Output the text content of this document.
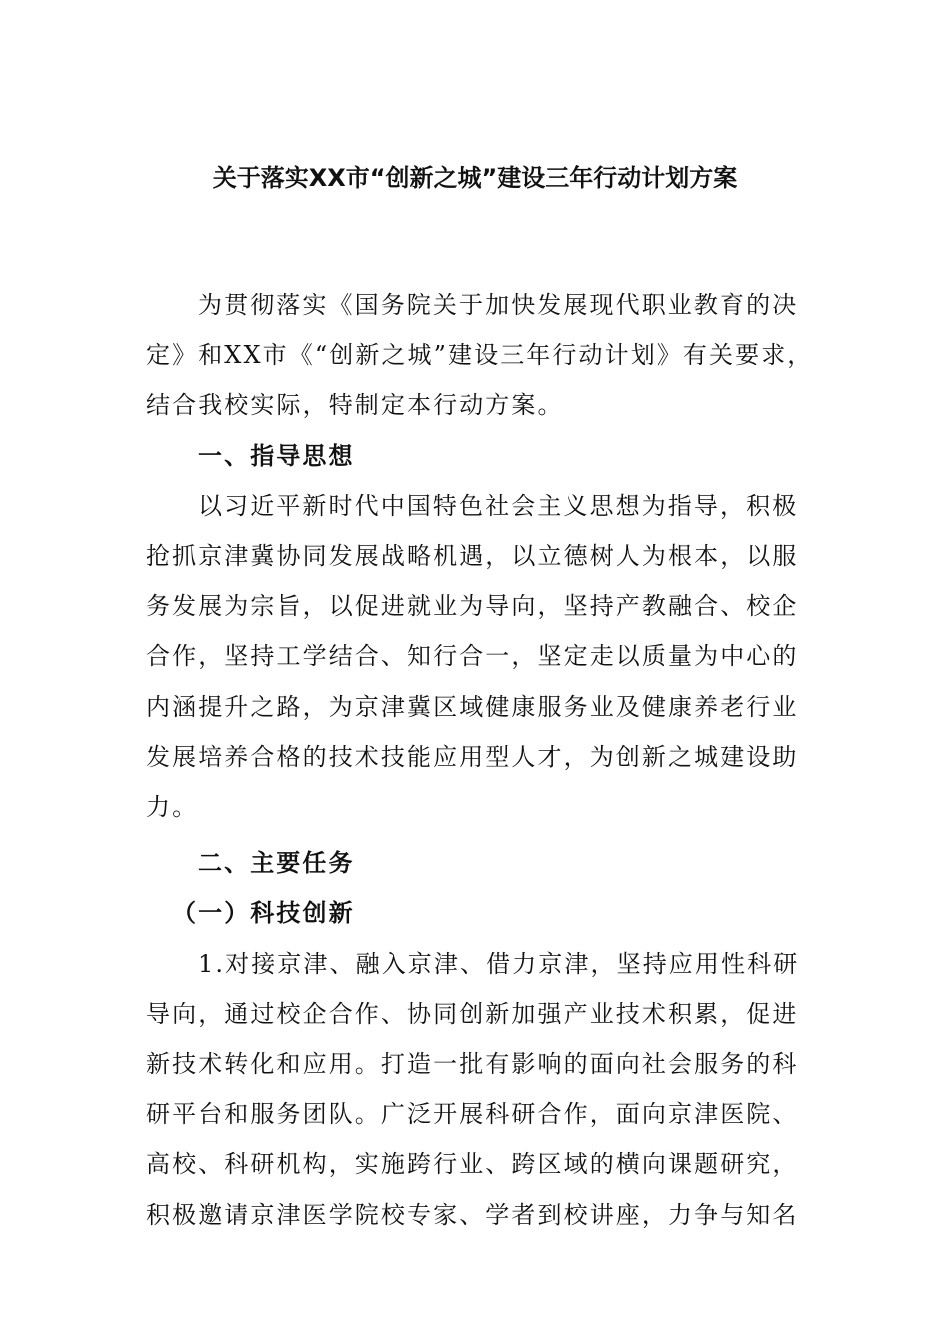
关于落实XX市“创新之城”建设三年行动计划方案
为贯彻落实《国务院关于加快发展现代职业教育的决
定》和XX市《“创新之城”建设三年行动计划》有关要求，
结合我校实际，特制定本行动方案。
一、指导思想
以习近平新时代中国特色社会主义思想为指导，积极
抢抓京津冀协同发展战略机遇，以立德树人为根本，以服
务发展为宗旨，以促进就业为导向，坚持产教融合、校企
合作，坚持工学结合、知行合一，坚定走以质量为中心的
内涵提升之路，为京津冀区域健康服务业及健康养老行业
发展培养合格的技术技能应用型人才，为创新之城建设助
力。
二、主要任务
（一）科技创新
1.对接京津、融入京津、借力京津，坚持应用性科研
导向，通过校企合作、协同创新加强产业技术积累，促进
新技术转化和应用。打造一批有影响的面向社会服务的科
研平台和服务团队。广泛开展科研合作，面向京津医院、
高校、科研机构，实施跨行业、跨区域的横向课题研究，
积极邀请京津医学院校专家、学者到校讲座，力争与知名
